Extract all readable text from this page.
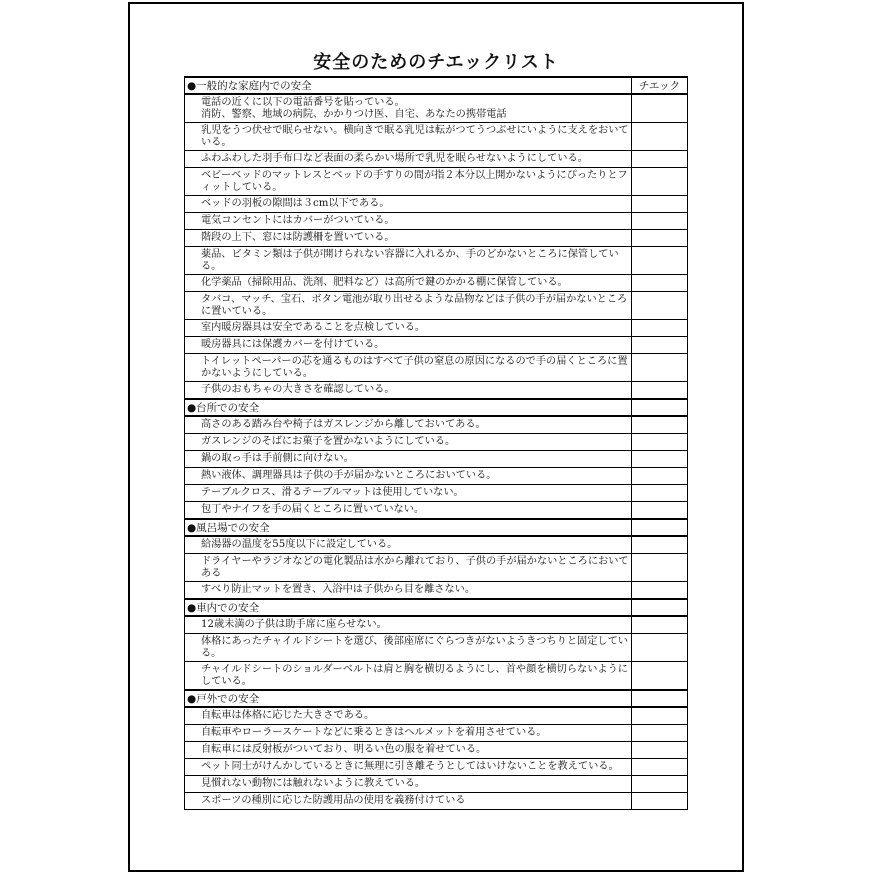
安全のためのチエックリスト
●一般的な家庭内での安全	チエック
電話の近くに以下の電話番号を貼っている。
消防、警察、地域の病院、かかりつけ医、自宅、あなたの携帯電話	
乳児をうつ伏せで眠らせない。横向きで眠る乳児は転がつてうつぶせにいように支えをおいている。	
ふわふわした羽手布口など表面の柔らかい場所で乳児を眠らせないようにしている。	
ベビーベッドのマットレスとベッドの手すりの間が指２本分以上開かないようにぴったりとフィットしている。	
ベッドの羽板の隙間は３cm以下である。	
電気コンセントにはカバーがついている。	
階段の上下、窓には防護柵を置いている。	
薬品、ビタミン類は子供が開けられない容器に入れるか、手のどかないところに保管している。	
化学薬品（掃除用品、洗剤、肥料など）は高所で鍵のかかる棚に保管している。	
タバコ、マッチ、宝石、ボタン電池が取り出せるような品物などは子供の手が届かないところに置いている。	
室内暖房器具は安全であることを点検している。	
暖房器具には保護カバーを付けている。	
トイレットペーパーの芯を通るものはすべて子供の窒息の原因になるので手の届くところに置かないようにしている。	
子供のおもちゃの大きさを確認している。	
●台所での安全	
高さのある踏み台や椅子はガスレンジから離しておいてある。	
ガスレンジのそばにお菓子を置かないようにしている。	
鍋の取っ手は手前側に向けない。	
熱い液体、調理器具は子供の手が届かないところにおいている。	
テーブルクロス、滑るテーブルマットは使用していない。	
包丁やナイフを手の届くところに置いていない。	
●風呂場での安全	
給湯器の温度を55度以下に設定している。	
ドライヤーやラジオなどの電化製品は水から離れており、子供の手が届かないところにおいてある	
すべり防止マットを置き、入浴中は子供から目を離さない。	
●車内での安全	
12歳未満の子供は助手席に座らせない。	
体格にあったチャイルドシートを選び、後部座席にぐらつきがないようきつちりと固定している。	
チャイルドシートのショルダーベルトは肩と胸を横切るようにし、首や顔を横切らないようにしている。	
●戸外での安全	
自転車は体格に応じた大きさである。	
自転車やローラースケートなどに乗るときはヘルメットを着用させている。	
自転車には反射板がついており、明るい色の服を着せている。	
ペット同士がけんかしているときに無理に引き離そうとしてはいけないことを教えている。	
見慣れない動物には触れないように教えている。	
スポーツの種別に応じた防護用品の使用を義務付けている	
